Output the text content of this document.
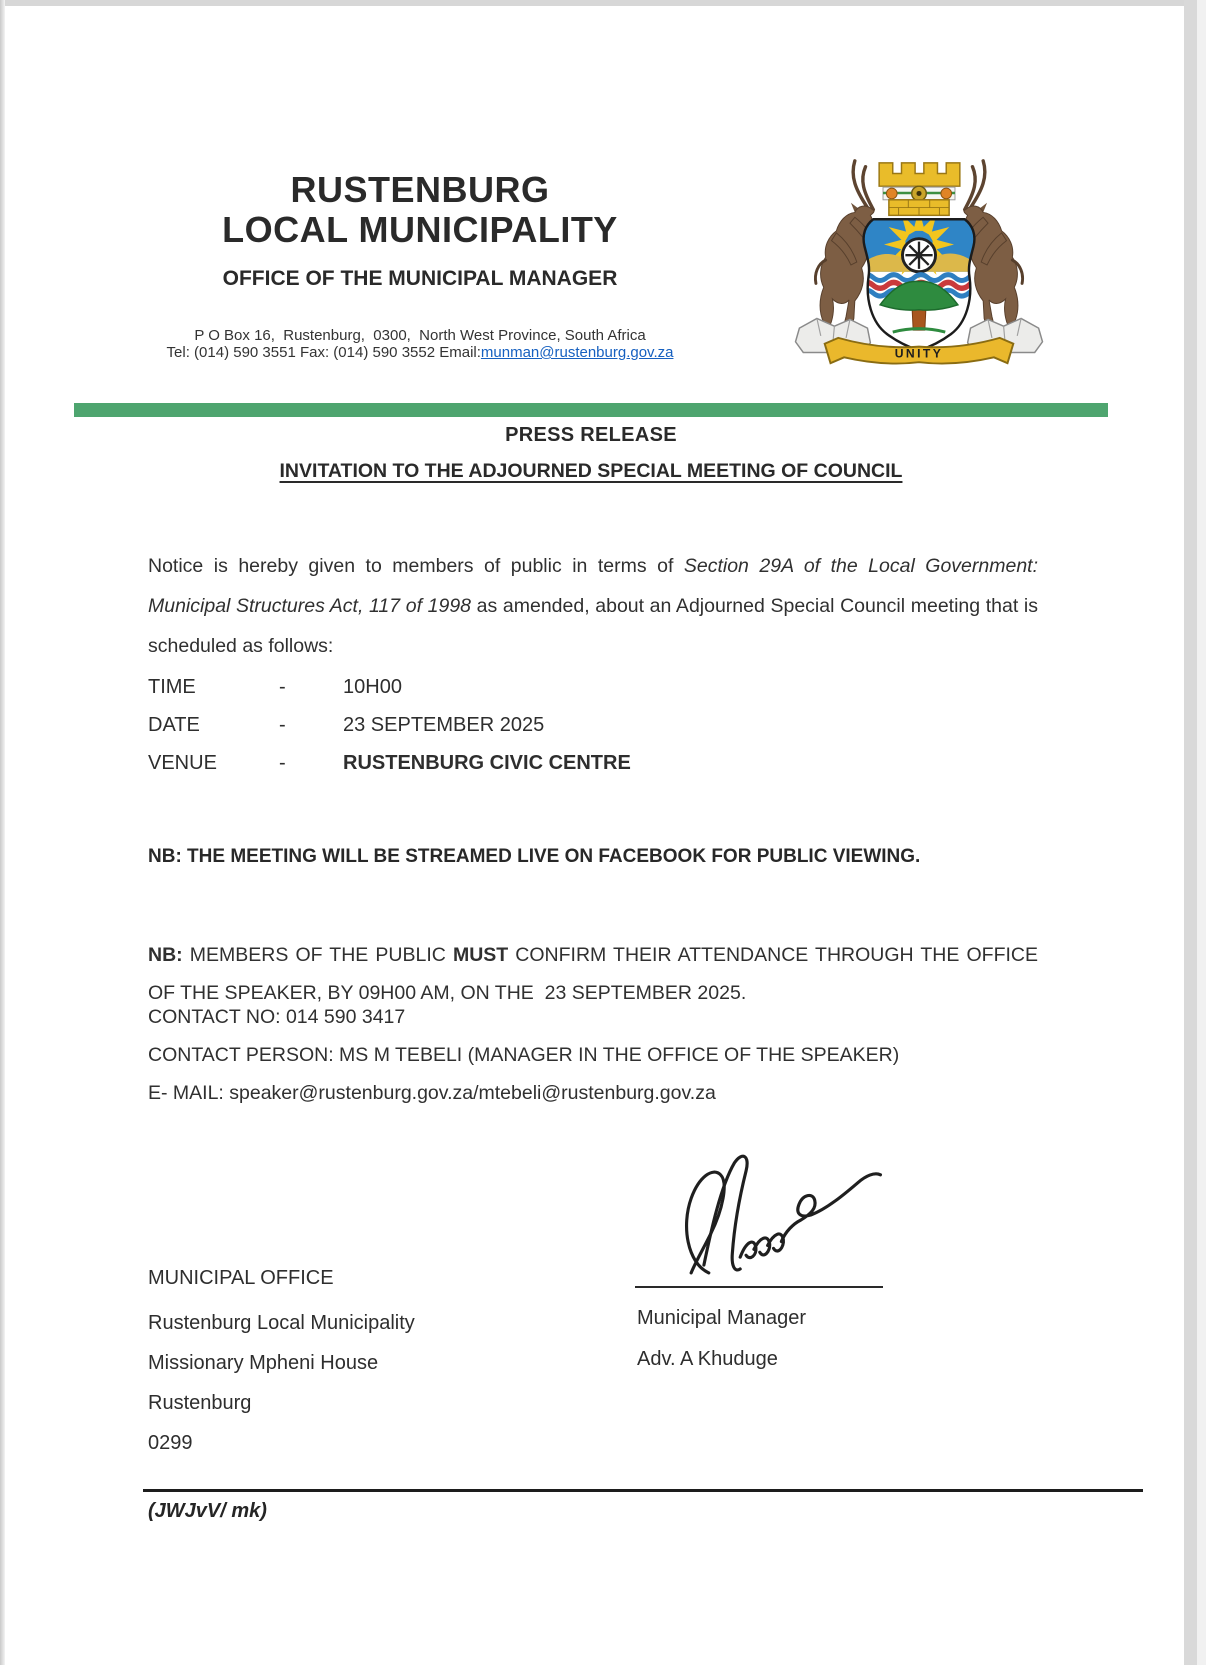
RUSTENBURG
LOCAL MUNICIPALITY
OFFICE OF THE MUNICIPAL MANAGER
P O Box 16,  Rustenburg,  0300,  North West Province, South Africa
Tel: (014) 590 3551 Fax: (014) 590 3552 Email:munman@rustenburg.gov.za	UNITY
PRESS RELEASE
INVITATION TO THE ADJOURNED SPECIAL MEETING OF COUNCIL

Notice is hereby given to members of public in terms of Section 29A of the Local Government: Municipal Structures Act, 117 of 1998 as amended, about an Adjourned Special Council meeting that is scheduled as follows:

TIME	-	10H00
DATE	-	23 SEPTEMBER 2025
VENUE	-	RUSTENBURG CIVIC CENTRE
NB: THE MEETING WILL BE STREAMED LIVE ON FACEBOOK FOR PUBLIC VIEWING.

NB: MEMBERS OF THE PUBLIC MUST CONFIRM THEIR ATTENDANCE THROUGH THE OFFICE OF THE SPEAKER, BY 09H00 AM, ON THE  23 SEPTEMBER 2025.

CONTACT NO: 014 590 3417
CONTACT PERSON: MS M TEBELI (MANAGER IN THE OFFICE OF THE SPEAKER)
E- MAIL: speaker@rustenburg.gov.za/mtebeli@rustenburg.gov.za
Municipal Manager
Adv. A Khuduge
MUNICIPAL OFFICE
Rustenburg Local Municipality
Missionary Mpheni House
Rustenburg
0299
(JWJvV/ mk)
